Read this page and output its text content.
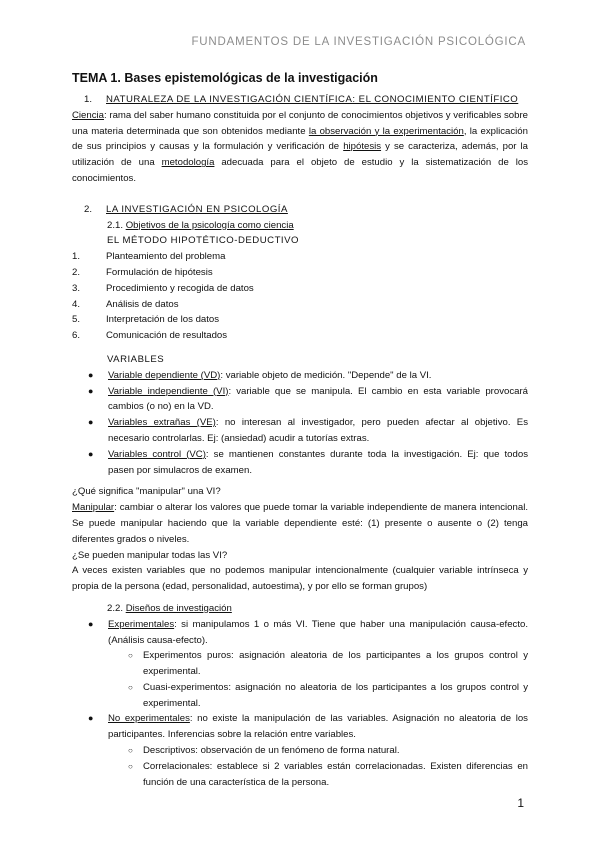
FUNDAMENTOS DE LA INVESTIGACIÓN PSICOLÓGICA
TEMA 1. Bases epistemológicas de la investigación
1.	NATURALEZA DE LA INVESTIGACIÓN CIENTÍFICA: EL CONOCIMIENTO CIENTÍFICO

Ciencia: rama del saber humano constituida por el conjunto de conocimientos objetivos y verificables sobre una materia determinada que son obtenidos mediante la observación y la experimentación, la explicación de sus principios y causas y la formulación y verificación de hipótesis y se caracteriza, además, por la utilización de una metodología adecuada para el objeto de estudio y la sistematización de los conocimientos.

2.	LA INVESTIGACIÓN EN PSICOLOGÍA
2.1. Objetivos de la psicología como ciencia
EL MÉTODO HIPOTÉTICO-DEDUCTIVO
1.	Planteamiento del problema
2.	Formulación de hipótesis
3.	Procedimiento y recogida de datos
4.	Análisis de datos
5.	Interpretación de los datos
6.	Comunicación de resultados
VARIABLES
●	Variable dependiente (VD): variable objeto de medición. "Depende" de la VI.
●	Variable independiente (VI): variable que se manipula. El cambio en esta variable provocará cambios (o no) en la VD.
●	Variables extrañas (VE): no interesan al investigador, pero pueden afectar al objetivo. Es necesario controlarlas. Ej: (ansiedad) acudir a tutorías extras.
●	Variables control (VC): se mantienen constantes durante toda la investigación. Ej: que todos pasen por simulacros de examen.
¿Qué significa "manipular" una VI?

Manipular: cambiar o alterar los valores que puede tomar la variable independiente de manera intencional. Se puede manipular haciendo que la variable dependiente esté: (1) presente o ausente o (2) tenga diferentes grados o niveles.

¿Se pueden manipular todas las VI?

A veces existen variables que no podemos manipular intencionalmente (cualquier variable intrínseca y propia de la persona (edad, personalidad, autoestima), y por ello se forman grupos)

2.2. Diseños de investigación
●	Experimentales: si manipulamos 1 o más VI. Tiene que haber una manipulación causa-efecto. (Análisis causa-efecto).
○	Experimentos puros: asignación aleatoria de los participantes a los grupos control y experimental.
○	Cuasi-experimentos: asignación no aleatoria de los participantes a los grupos control y experimental.
●	No experimentales: no existe la manipulación de las variables. Asignación no aleatoria de los participantes. Inferencias sobre la relación entre variables.
○	Descriptivos: observación de un fenómeno de forma natural.
○	Correlacionales: establece si 2 variables están correlacionadas. Existen diferencias en función de una característica de la persona.
1
